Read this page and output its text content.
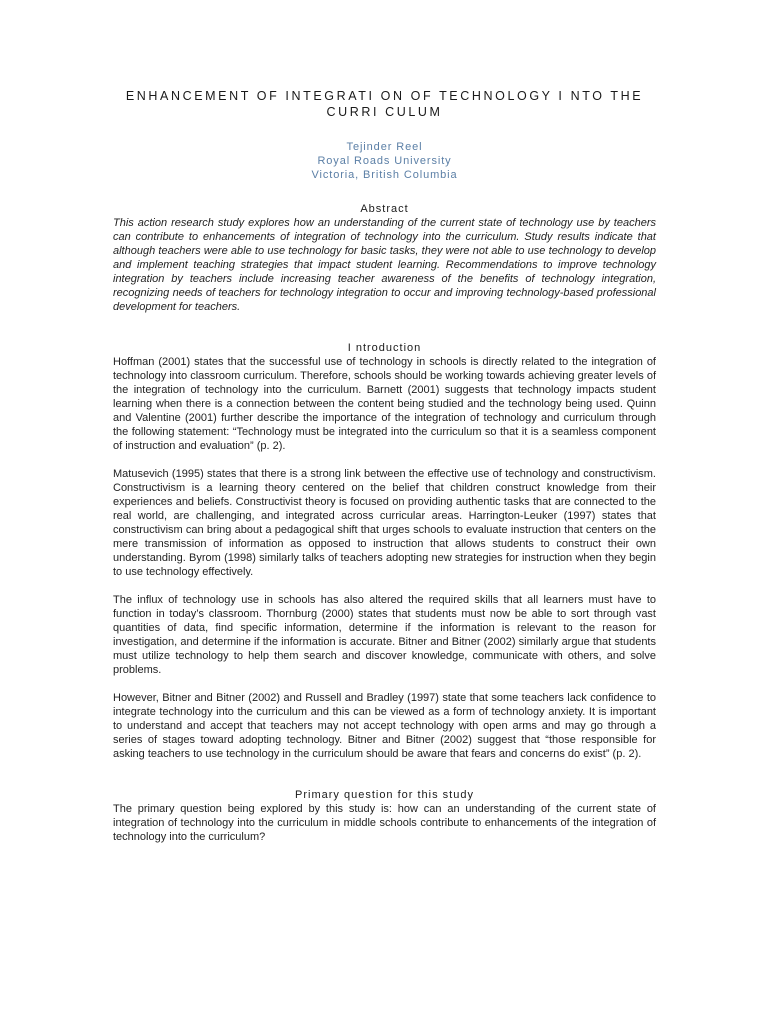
ENHANCEMENT OF INTEGRATI ON OF TECHNOLOGY I NTO THE CURRI CULUM
Tejinder Reel
Royal Roads University
Victoria, British Columbia
Abstract

This action research study explores how an understanding of the current state of technology use by teachers can contribute to enhancements of integration of technology into the curriculum. Study results indicate that although teachers were able to use technology for basic tasks, they were not able to use technology to develop and implement teaching strategies that impact student learning. Recommendations to improve technology integration by teachers include increasing teacher awareness of the benefits of technology integration, recognizing needs of teachers for technology integration to occur and improving technology-based professional development for teachers.

I ntroduction

Hoffman (2001) states that the successful use of technology in schools is directly related to the integration of technology into classroom curriculum. Therefore, schools should be working towards achieving greater levels of the integration of technology into the curriculum. Barnett (2001) suggests that technology impacts student learning when there is a connection between the content being studied and the technology being used. Quinn and Valentine (2001) further describe the importance of the integration of technology and curriculum through the following statement: “Technology must be integrated into the curriculum so that it is a seamless component of instruction and evaluation” (p. 2).

Matusevich (1995) states that there is a strong link between the effective use of technology and constructivism. Constructivism is a learning theory centered on the belief that children construct knowledge from their experiences and beliefs. Constructivist theory is focused on providing authentic tasks that are connected to the real world, are challenging, and integrated across curricular areas. Harrington-Leuker (1997) states that constructivism can bring about a pedagogical shift that urges schools to evaluate instruction that centers on the mere transmission of information as opposed to instruction that allows students to construct their own understanding. Byrom (1998) similarly talks of teachers adopting new strategies for instruction when they begin to use technology effectively.

The influx of technology use in schools has also altered the required skills that all learners must have to function in today’s classroom. Thornburg (2000) states that students must now be able to sort through vast quantities of data, find specific information, determine if the information is relevant to the reason for investigation, and determine if the information is accurate. Bitner and Bitner (2002) similarly argue that students must utilize technology to help them search and discover knowledge, communicate with others, and solve problems.

However, Bitner and Bitner (2002) and Russell and Bradley (1997) state that some teachers lack confidence to integrate technology into the curriculum and this can be viewed as a form of technology anxiety. It is important to understand and accept that teachers may not accept technology with open arms and may go through a series of stages toward adopting technology. Bitner and Bitner (2002) suggest that “those responsible for asking teachers to use technology in the curriculum should be aware that fears and concerns do exist” (p. 2).

Primary question for this study

The primary question being explored by this study is: how can an understanding of the current state of integration of technology into the curriculum in middle schools contribute to enhancements of the integration of technology into the curriculum?
